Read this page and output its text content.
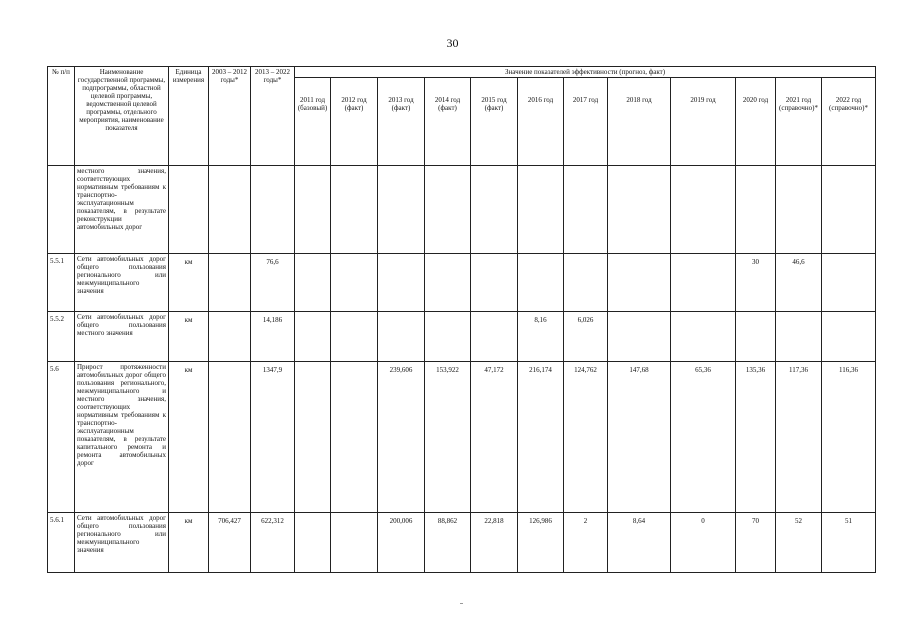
30
№ п/п	Наименование государственной программы, подпрограммы, областной целевой программы, ведомственной целевой программы, отдельного мероприятия, наименование показателя	Единица измерения	2003 – 2012 годы*	2013 – 2022 годы*	Значение показателей эффективности (прогноз, факт)											
					2011 год (базовый)	2012 год (факт)	2013 год (факт)	2014 год (факт)	2015 год (факт)	2016 год	2017 год	2018 год	2019 год	2020 год	2021 год (справочно)*	2022 год (справочно)*
	местного значения, соответствующих нормативным требованиям к транспортно-эксплуатационным показателям, в результате реконструкции автомобильных дорог															
5.5.1	Сети автомобильных дорог общего пользования регионального или межмуниципального значения	км		76,6										30	46,6	
5.5.2	Сети автомобильных дорог общего пользования местного значения	км		14,186						8,16	6,026					
5.6	Прирост протяженности автомобильных дорог общего пользования регионального, межмуниципального и местного значения, соответствующих нормативным требованиям к транспортно-эксплуатационным показателям, в результате капитального ремонта и ремонта автомобильных дорог	км		1347,9			239,606	153,922	47,172	216,174	124,762	147,68	65,36	135,36	117,36	116,36
5.6.1	Сети автомобильных дорог общего пользования регионального или межмуниципального значения	км	706,427	622,312			200,006	88,862	22,818	126,986	2	8,64	0	70	52	51
